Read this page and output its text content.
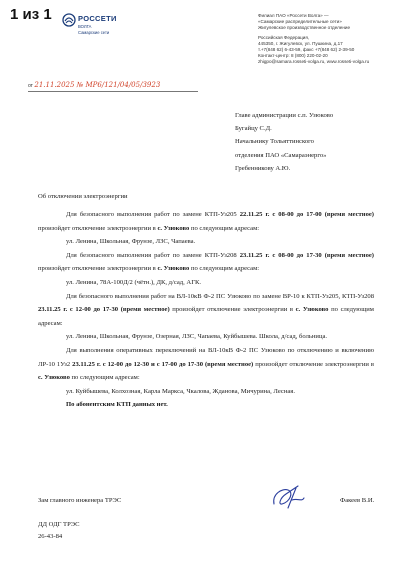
1 из 1	РОССЕТИ
ВОЛГА
Самарские сети
Филиал ПАО «Россети Волга» —
«Самарские распределительные сети»
Жигулевское производственное отделение
Российская Федерация,
445350, г. Жигулевск, ул. Пушкина, д.17
т.+7(848 62) 6-43-59, факс +7(848 62) 2-39-50
Контакт-центр: 8 (800) 220-02-20
zhigpo@samara.rosseti-volga.ru, www.rosseti-volga.ru
от 21.11.2025 № МР6/121/04/05/3923
Главе администрации с.п. Узюково
Бугайцу С.Д.
Начальнику Тольяттинского
отделения ПАО «Самараэнерго»
Гребенникову А.Ю.
Об отключении электроэнергии

Для безопасного выполнения работ по замене КТП-Уз205 22.11.25 г. с 08-00 до 17-00 (время местное) произойдет отключение электроэнергии в с. Узюково по следующим адресам:

ул. Ленина, Школьная, Фрунзе, ЛЗС, Чапаева.

Для безопасного выполнения работ по замене КТП-Уз208 23.11.25 г. с 08-00 до 17-30 (время местное) произойдет отключение электроэнергии в с. Узюково по следующим адресам:

ул. Ленина, 78А-100Д/2 (чётн.), ДК, д/сад, АГК.

Для безопасного выполнения работ на ВЛ-10кВ Ф-2 ПС Узюково по замене ВР-10 к КТП-Уз205, КТП-Уз208 23.11.25 г. с 12-00 до 17-30 (время местное) произойдет отключение электроэнергии в с. Узюково по следующим адресам:

ул. Ленина, Школьная, Фрунзе, Озерная, ЛЗС, Чапаева, Куйбышева. Школа, д/сад, больница.

Для выполнения оперативных переключений на ВЛ-10кВ Ф-2 ПС Узюково по отключению и включению ЛР-10 1Уз2 23.11.25 г. с 12-00 до 12-30 и с 17-00 до 17-30 (время местное) произойдет отключение электроэнергии в с. Узюково по следующим адресам:

ул. Куйбышева, Колхозная, Карла Маркса, Чкалова, Жданова, Мичурина, Лесная.

По абонентским КТП данных нет.

Зам главного инженера ТРЭС	Факеев В.И.
ДД ОДГ ТРЭС
26-43-84
